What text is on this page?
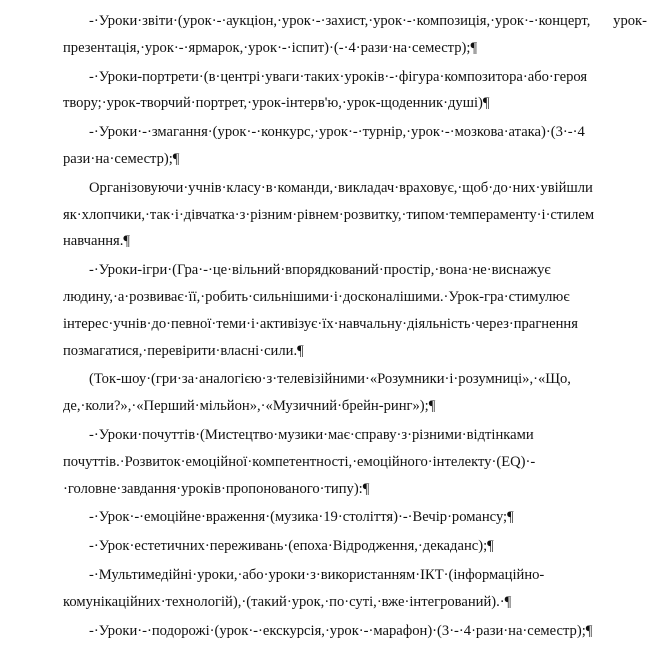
-·Уроки·звіти·(урок·-·аукціон,·урок·-·захист,·урок·-·композиція,·урок·-·концерт, урок-презентація,·урок·-·ярмарок,·урок·-·іспит)·(-·4·рази·на·семестр);¶

-·Уроки-портрети·(в·центрі·уваги·таких·уроків·-·фігура·композитора·або·героя твору;·урок-творчий·портрет,·урок-інтерв'ю,·урок-щоденник·душі)¶

-·Уроки·-·змагання·(урок·-·конкурс,·урок·-·турнір,·урок·-·мозкова·атака)·(3·-·4 рази·на·семестр);¶

Організовуючи·учнів·класу·в·команди,·викладач·враховує,·щоб·до·них·увійшли як·хлопчики,·так·і·дівчатка·з·різним·рівнем·розвитку,·типом·темпераменту·і·стилем навчання.¶

-·Уроки-ігри·(Гра·-·це·вільний·впорядкований·простір,·вона·не·виснажує людину,·а·розвиває·її,·робить·сильнішими·і·досконалішими.·Урок-гра·стимулює інтерес·учнів·до·певної·теми·і·активізує·їх·навчальну·діяльність·через·прагнення позмагатися,·перевірити·власні·сили.¶

(Ток-шоу·(гри·за·аналогією·з·телевізійними·«Розумники·і·розумниці»,·«Що, де,·коли?»,·«Перший·мільйон»,·«Музичний·брейн-ринг»);¶

-·Уроки·почуттів·(Мистецтво·музики·має·справу·з·різними·відтінками почуттів.·Розвиток·емоційної·компетентності,·емоційного·інтелекту·(EQ)·-·головне·завдання·уроків·пропонованого·типу):¶

-·Урок·-·емоційне·враження·(музика·19·століття)·-·Вечір·романсу;¶

-·Урок·естетичних·переживань·(епоха·Відродження,·декаданс);¶

-·Мультимедійні·уроки,·або·уроки·з·використанням·ІКТ·(інформаційно-комунікаційних·технологій),·(такий·урок,·по·суті,·вже·інтегрований).·¶

-·Уроки·-·подорожі·(урок·-·екскурсія,·урок·-·марафон)·(3·-·4·рази·на·семестр);¶
